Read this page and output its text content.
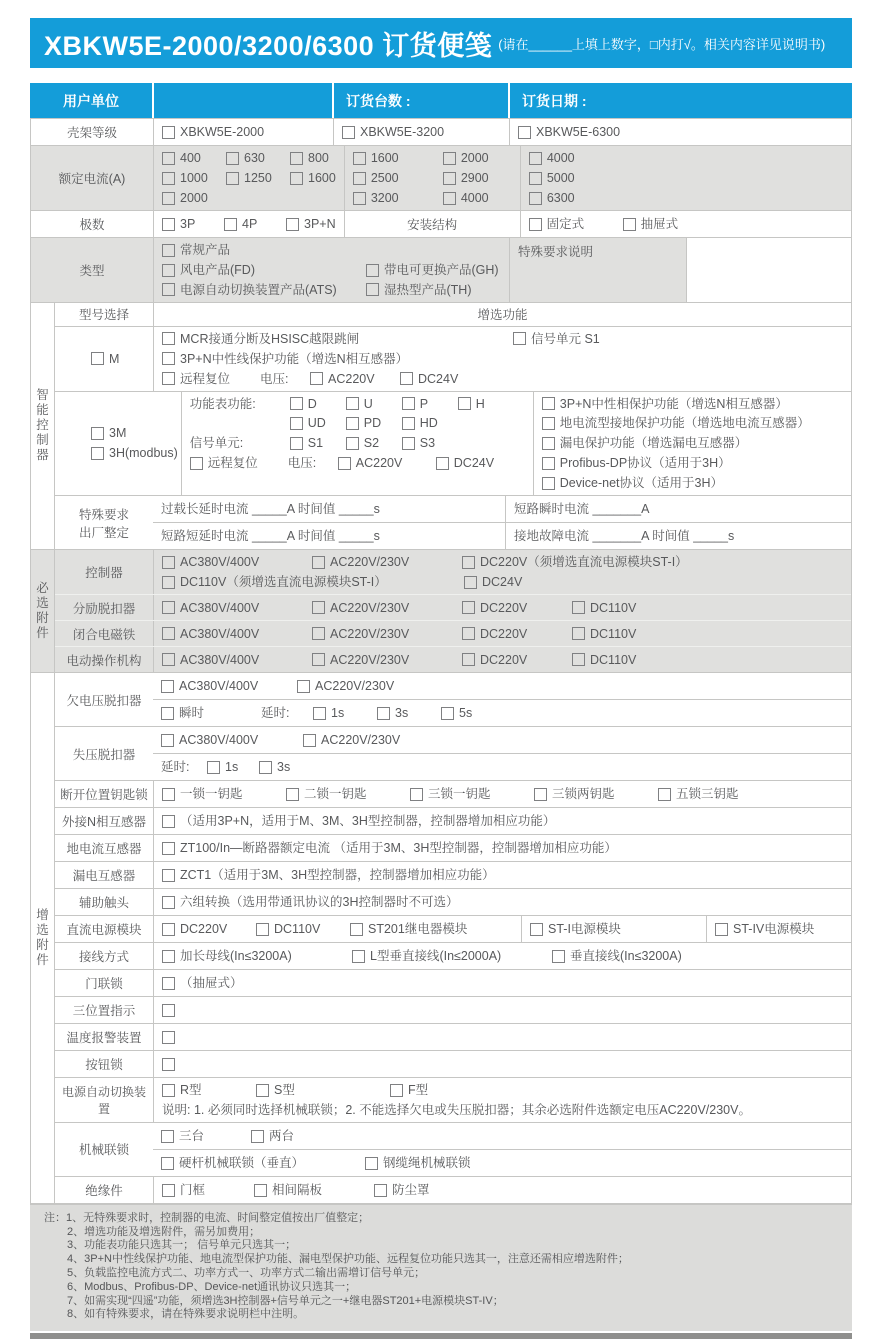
XBKW5E-2000/3200/6300 订货便笺 (请在______上填上数字，□内打√。相关内容详见说明书)
用户单位	订货台数 :	订货日期 :
壳架等级	XBKW5E-2000	XBKW5E-3200	XBKW5E-6300
额定电流(A)
400	630	800
1000	1250	1600
2000
1600	2000
2500	2900
3200	4000
4000
5000
6300
极数	3P	4P	3P+N	安装结构	固定式	抽屉式
类型
常规产品
风电产品(FD)	带电可更换产品(GH)
电源自动切换装置产品(ATS)	湿热型产品(TH)
特殊要求说明
智
能
控
制
器
型号选择	增选功能
M
MCR接通分断及HSISC越限跳闸
3P+N中性线保护功能（增选N相互感器）
远程复位 电压:	AC220V	DC24V
信号单元 S1
3M
3H(modbus)
功能表功能:	D	U	P	H
UD	PD	HD
信号单元:	S1	S2	S3
远程复位 电压:	AC220V	DC24V
3P+N中性相保护功能（增选N相互感器）
地电流型接地保护功能（增选地电流互感器）
漏电保护功能（增选漏电互感器）
Profibus-DP协议（适用于3H）
Device-net协议（适用于3H）
特殊要求
出厂整定
过载长延时电流 _____A 时间值 _____s	短路瞬时电流 _______A
短路短延时电流 _____A 时间值 _____s	接地故障电流 _______A 时间值 _____s
必
选
附
件
控制器
AC380V/400V	AC220V/230V	DC220V（须增选直流电源模块ST-I）
DC110V（须增选直流电源模块ST-I）	DC24V
分励脱扣器	AC380V/400V	AC220V/230V	DC220V	DC110V
闭合电磁铁	AC380V/400V	AC220V/230V	DC220V	DC110V
电动操作机构	AC380V/400V	AC220V/230V	DC220V	DC110V
增
选
附
件
欠电压脱扣器
AC380V/400V	AC220V/230V
瞬时	延时:	1s	3s	5s
失压脱扣器
AC380V/400V	AC220V/230V
延时:	1s	3s
断开位置钥匙锁	一锁一钥匙	二锁一钥匙	三锁一钥匙	三锁两钥匙	五锁三钥匙
外接N相互感器	（适用3P+N，适用于M、3M、3H型控制器，控制器增加相应功能）
地电流互感器	ZT100/In—断路器额定电流 （适用于3M、3H型控制器，控制器增加相应功能）
漏电互感器	ZCT1（适用于3M、3H型控制器，控制器增加相应功能）
辅助触头	六组转换（选用带通讯协议的3H控制器时不可选）
直流电源模块	DC220V	DC110V	ST201继电器模块	ST-I电源模块	ST-IV电源模块
接线方式	加长母线(In≤3200A)	L型垂直接线(In≤2000A)	垂直接线(In≤3200A)
门联锁	（抽屉式）
三位置指示
温度报警装置
按钮锁
电源自动切换装置
R型	S型	F型
说明: 1. 必须同时选择机械联锁；2. 不能选择欠电或失压脱扣器；其余必选附件选额定电压AC220V/230V。
机械联锁
三台	两台
硬杆机械联锁（垂直）	钢缆绳机械联锁
绝缘件	门框	相间隔板	防尘罩
注：1、无特殊要求时，控制器的电流、时间整定值按出厂值整定；
2、增选功能及增选附件，需另加费用；
3、功能表功能只选其一； 信号单元只选其一；
4、3P+N中性线保护功能、地电流型保护功能、漏电型保护功能、远程复位功能只选其一，注意还需相应增选附件；
5、负载监控电流方式二、功率方式一、功率方式二输出需增订信号单元；
6、Modbus、Profibus-DP、Device-net通讯协议只选其一；
7、如需实现“四遥”功能，须增选3H控制器+信号单元之一+继电器ST201+电源模块ST-IV；
8、如有特殊要求，请在特殊要求说明栏中注明。
